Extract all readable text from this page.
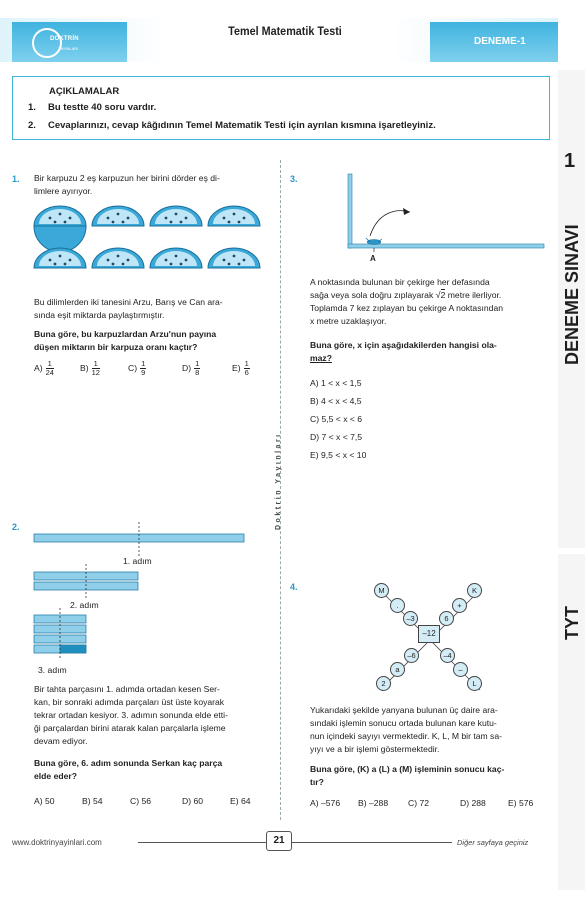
DOKTRİN
YAYINLARI
Temel Matematik Testi
DENEME-1
1
DENEME SINAVI
TYT
AÇIKLAMALAR
1. Bu testte 40 soru vardır.
2. Cevaplarınızı, cevap kâğıdının Temel Matematik Testi için ayrılan kısmına işaretleyiniz.
Doktrin Yayınları
1. Bir karpuzu 2 eş karpuzun her birini dörder eş di-
limlere ayırıyor.
Bu dilimlerden iki tanesini Arzu, Barış ve Can ara-
sında eşit miktarda paylaştırmıştır.
Buna göre, bu karpuzlardan Arzu'nun payına
düşen miktarın bir karpuza oranı kaçtır?
$A) \frac{1}{24}$	$B) \frac{1}{12}$	$C) \frac{1}{9}$	$D) \frac{1}{8}$	$E) \frac{1}{6}$
2.
1. adım
2. adım
3. adım
Bir tahta parçasını 1. adımda ortadan kesen Ser-
kan, bir sonraki adımda parçaları üst üste koyarak
tekrar ortadan kesiyor. 3. adımın sonunda elde etti-
ği parçalardan birini atarak kalan parçalarla işleme
devam ediyor.
Buna göre, 6. adım sonunda Serkan kaç parça
elde eder?
A) 50	B) 54	C) 56	D) 60	E) 64
3.
A
A noktasında bulunan bir çekirge her defasında
sağa veya sola doğru zıplayarak √2 metre ilerliyor.
Toplamda 7 kez zıplayan bu çekirge A noktasından
x metre uzaklaşıyor.
Buna göre, x için aşağıdakilerden hangisi ola-
maz?
A) 1 < x < 1,5
B) 4 < x < 4,5
C) 5,5 < x < 6
D) 7 < x < 7,5
E) 9,5 < x < 10
4.	M	K
.	+
–3	6
–12
–6	–4
a	–
2	L
Yukarıdaki şekilde yanyana bulunan üç daire ara-
sındaki işlemin sonucu ortada bulunan kare kutu-
nun içindeki sayıyı vermektedir. K, L, M bir tam sa-
yıyı ve a bir işlemi göstermektedir.
Buna göre, (K) a (L) a (M) işleminin sonucu kaç-
tır?
A) –576 B) –288 C) 72	D) 288	E) 576
www.doktrinyayinlari.com	21	Diğer sayfaya geçiniz
